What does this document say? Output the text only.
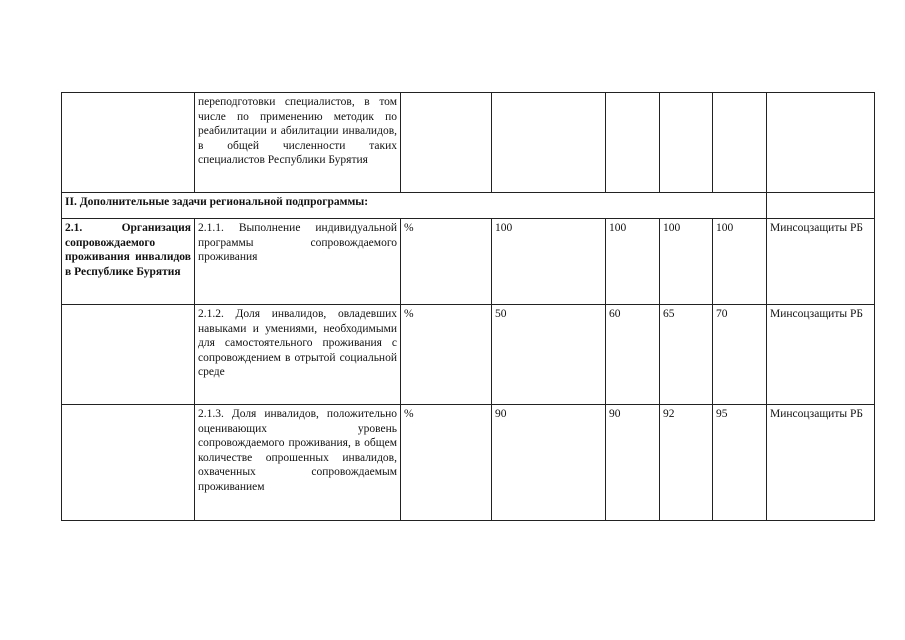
	переподготовки специалистов, в том числе по применению методик по реабилитации и абилитации инвалидов, в общей численности таких специалистов Республики Бурятия						
II. Дополнительные задачи региональной подпрограммы:							
2.1. Организация сопровождаемого проживания инвалидов в Республике Бурятия	2.1.1. Выполнение индивидуальной программы сопровождаемого проживания	%	100	100	100	100	Минсоцзащиты РБ
	2.1.2. Доля инвалидов, овладевших навыками и умениями, необходимыми для самостоятельного проживания с сопровождением в отрытой социальной среде	%	50	60	65	70	Минсоцзащиты РБ
	2.1.3. Доля инвалидов, положительно оценивающих уровень сопровождаемого проживания, в общем количестве опрошенных инвалидов, охваченных сопровождаемым проживанием	%	90	90	92	95	Минсоцзащиты РБ
